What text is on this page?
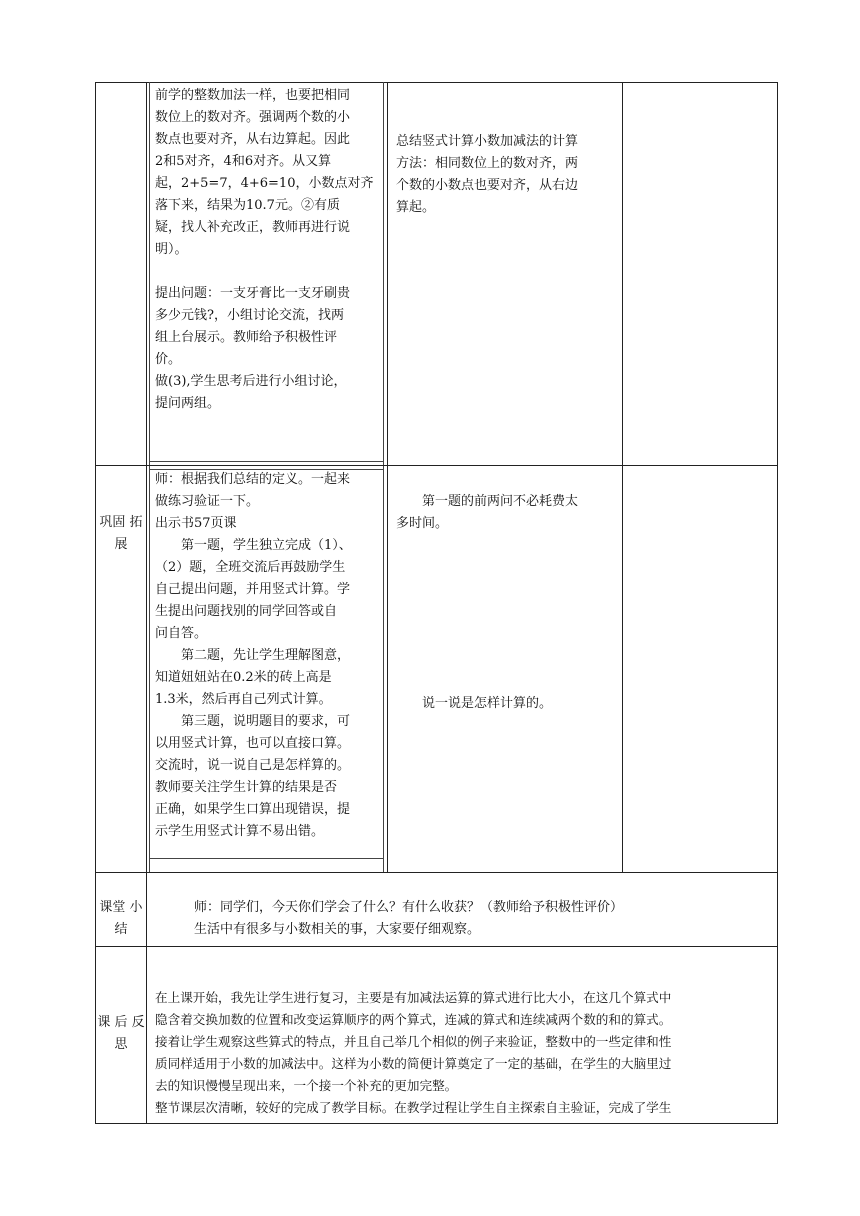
前学的整数加法一样，也要把相同
数位上的数对齐。强调两个数的小
数点也要对齐，从右边算起。因此
2和5对齐，4和6对齐。从又算
起，2+5=7，4+6=10，小数点对齐
落下来，结果为10.7元。②有质
疑，找人补充改正，教师再进行说
明）。

提出问题：一支牙膏比一支牙刷贵
多少元钱?，小组讨论交流，找两
组上台展示。教师给予积极性评
价。
做(3),学生思考后进行小组讨论，
提问两组。
总结竖式计算小数加减法的计算
方法：相同数位上的数对齐，两
个数的小数点也要对齐，从右边
算起。
巩固 拓展
师：根据我们总结的定义。一起来
做练习验证一下。
出示书57页课
　　第一题，学生独立完成（1）、
（2）题，全班交流后再鼓励学生
自己提出问题，并用竖式计算。学
生提出问题找别的同学回答或自
问自答。
　　第二题，先让学生理解图意，
知道妞妞站在0.2米的砖上高是
1.3米，然后再自己列式计算。
　　第三题，说明题目的要求，可
以用竖式计算，也可以直接口算。
交流时，说一说自己是怎样算的。
教师要关注学生计算的结果是否
正确，如果学生口算出现错误，提
示学生用竖式计算不易出错。
　　第一题的前两问不必耗费太
多时间。
　　说一说是怎样计算的。
课堂 小结
　　　师：同学们，今天你们学会了什么？有什么收获？（教师给予积极性评价）
　　　生活中有很多与小数相关的事，大家要仔细观察。
课 后 反 思
在上课开始，我先让学生进行复习，主要是有加减法运算的算式进行比大小，在这几个算式中
隐含着交换加数的位置和改变运算顺序的两个算式，连减的算式和连续减两个数的和的算式。
接着让学生观察这些算式的特点，并且自己举几个相似的例子来验证，整数中的一些定律和性
质同样适用于小数的加减法中。这样为小数的简便计算奠定了一定的基础，在学生的大脑里过
去的知识慢慢呈现出来，一个接一个补充的更加完整。
整节课层次清晰，较好的完成了教学目标。在教学过程让学生自主探索自主验证，完成了学生
